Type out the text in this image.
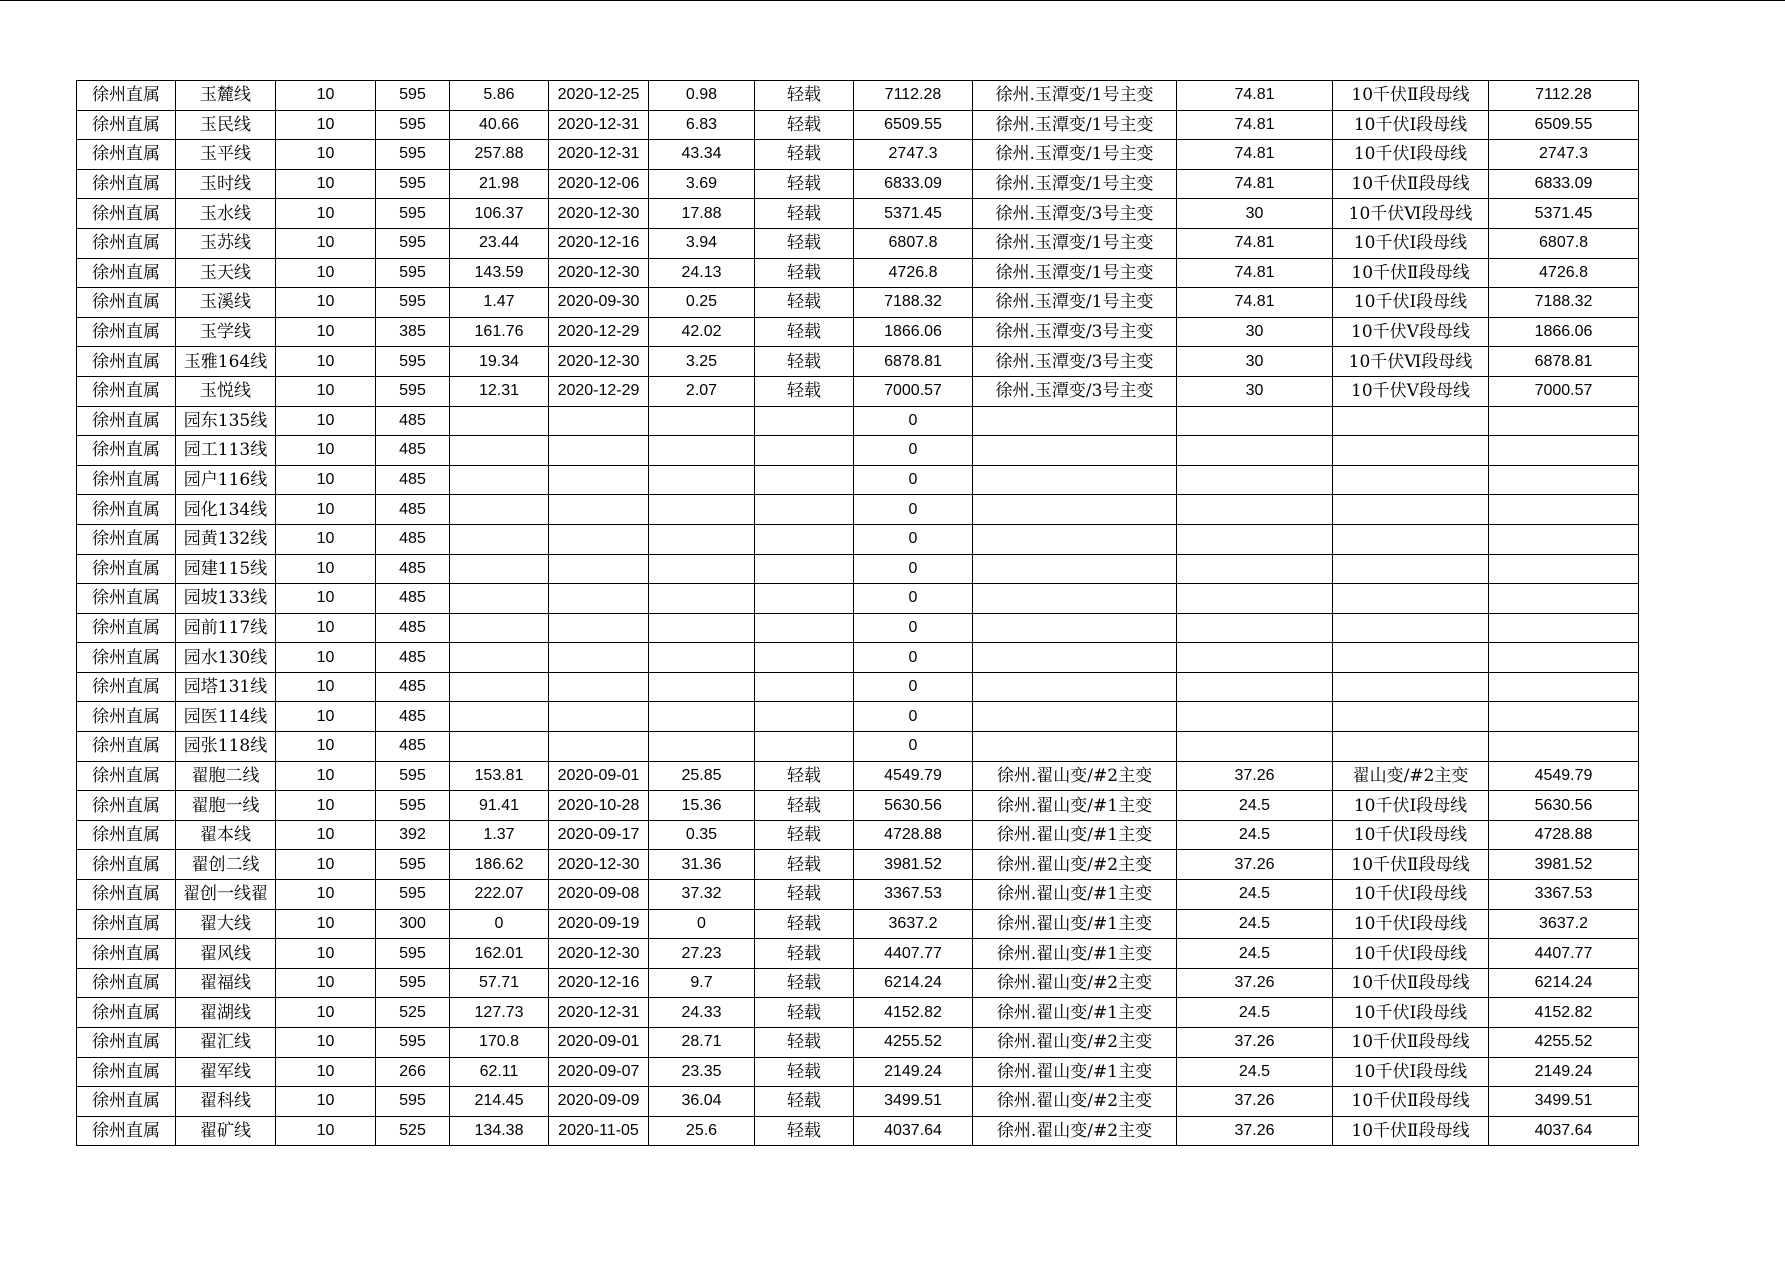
徐州直属	玉麓线	10	595	5.86	2020-12-25	0.98	轻载	7112.28	徐州.玉潭变/1号主变	74.81	10千伏Ⅱ段母线	7112.28
徐州直属	玉民线	10	595	40.66	2020-12-31	6.83	轻载	6509.55	徐州.玉潭变/1号主变	74.81	10千伏Ⅰ段母线	6509.55
徐州直属	玉平线	10	595	257.88	2020-12-31	43.34	轻载	2747.3	徐州.玉潭变/1号主变	74.81	10千伏Ⅰ段母线	2747.3
徐州直属	玉时线	10	595	21.98	2020-12-06	3.69	轻载	6833.09	徐州.玉潭变/1号主变	74.81	10千伏Ⅱ段母线	6833.09
徐州直属	玉水线	10	595	106.37	2020-12-30	17.88	轻载	5371.45	徐州.玉潭变/3号主变	30	10千伏Ⅵ段母线	5371.45
徐州直属	玉苏线	10	595	23.44	2020-12-16	3.94	轻载	6807.8	徐州.玉潭变/1号主变	74.81	10千伏Ⅰ段母线	6807.8
徐州直属	玉天线	10	595	143.59	2020-12-30	24.13	轻载	4726.8	徐州.玉潭变/1号主变	74.81	10千伏Ⅱ段母线	4726.8
徐州直属	玉溪线	10	595	1.47	2020-09-30	0.25	轻载	7188.32	徐州.玉潭变/1号主变	74.81	10千伏Ⅰ段母线	7188.32
徐州直属	玉学线	10	385	161.76	2020-12-29	42.02	轻载	1866.06	徐州.玉潭变/3号主变	30	10千伏Ⅴ段母线	1866.06
徐州直属	玉雅164线	10	595	19.34	2020-12-30	3.25	轻载	6878.81	徐州.玉潭变/3号主变	30	10千伏Ⅵ段母线	6878.81
徐州直属	玉悦线	10	595	12.31	2020-12-29	2.07	轻载	7000.57	徐州.玉潭变/3号主变	30	10千伏Ⅴ段母线	7000.57
徐州直属	园东135线	10	485					0				
徐州直属	园工113线	10	485					0				
徐州直属	园户116线	10	485					0				
徐州直属	园化134线	10	485					0				
徐州直属	园黄132线	10	485					0				
徐州直属	园建115线	10	485					0				
徐州直属	园坡133线	10	485					0				
徐州直属	园前117线	10	485					0				
徐州直属	园水130线	10	485					0				
徐州直属	园塔131线	10	485					0				
徐州直属	园医114线	10	485					0				
徐州直属	园张118线	10	485					0				
徐州直属	翟胞二线	10	595	153.81	2020-09-01	25.85	轻载	4549.79	徐州.翟山变/#2主变	37.26	翟山变/#2主变	4549.79
徐州直属	翟胞一线	10	595	91.41	2020-10-28	15.36	轻载	5630.56	徐州.翟山变/#1主变	24.5	10千伏Ⅰ段母线	5630.56
徐州直属	翟本线	10	392	1.37	2020-09-17	0.35	轻载	4728.88	徐州.翟山变/#1主变	24.5	10千伏Ⅰ段母线	4728.88
徐州直属	翟创二线	10	595	186.62	2020-12-30	31.36	轻载	3981.52	徐州.翟山变/#2主变	37.26	10千伏Ⅱ段母线	3981.52
徐州直属	翟创一线翟	10	595	222.07	2020-09-08	37.32	轻载	3367.53	徐州.翟山变/#1主变	24.5	10千伏Ⅰ段母线	3367.53
徐州直属	翟大线	10	300	0	2020-09-19	0	轻载	3637.2	徐州.翟山变/#1主变	24.5	10千伏Ⅰ段母线	3637.2
徐州直属	翟风线	10	595	162.01	2020-12-30	27.23	轻载	4407.77	徐州.翟山变/#1主变	24.5	10千伏Ⅰ段母线	4407.77
徐州直属	翟福线	10	595	57.71	2020-12-16	9.7	轻载	6214.24	徐州.翟山变/#2主变	37.26	10千伏Ⅱ段母线	6214.24
徐州直属	翟湖线	10	525	127.73	2020-12-31	24.33	轻载	4152.82	徐州.翟山变/#1主变	24.5	10千伏Ⅰ段母线	4152.82
徐州直属	翟汇线	10	595	170.8	2020-09-01	28.71	轻载	4255.52	徐州.翟山变/#2主变	37.26	10千伏Ⅱ段母线	4255.52
徐州直属	翟军线	10	266	62.11	2020-09-07	23.35	轻载	2149.24	徐州.翟山变/#1主变	24.5	10千伏Ⅰ段母线	2149.24
徐州直属	翟科线	10	595	214.45	2020-09-09	36.04	轻载	3499.51	徐州.翟山变/#2主变	37.26	10千伏Ⅱ段母线	3499.51
徐州直属	翟矿线	10	525	134.38	2020-11-05	25.6	轻载	4037.64	徐州.翟山变/#2主变	37.26	10千伏Ⅱ段母线	4037.64
